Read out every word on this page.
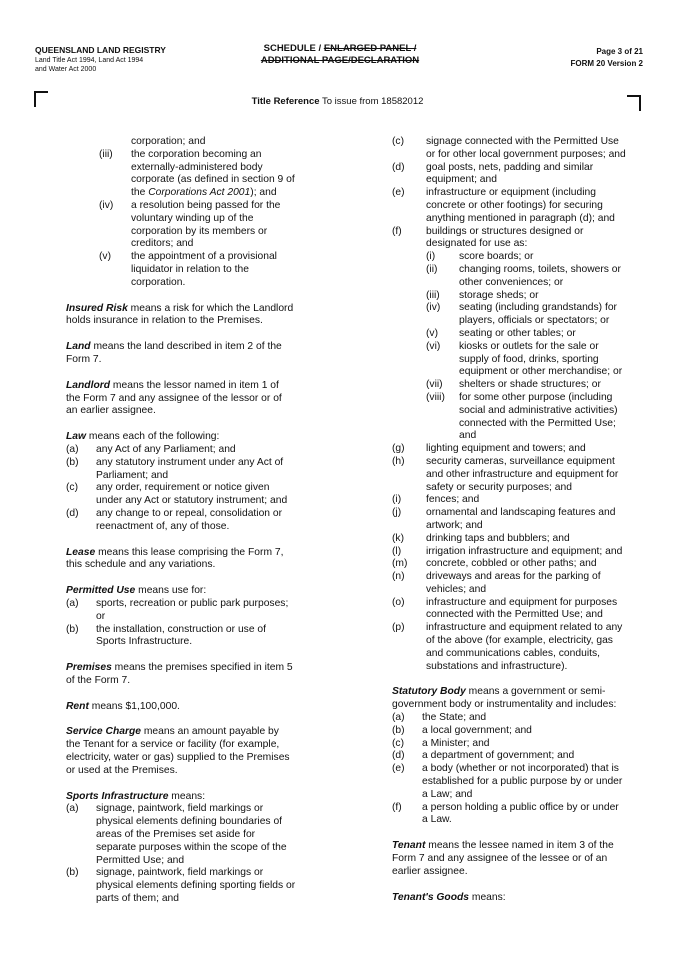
QUEENSLAND LAND REGISTRY
Land Title Act 1994, Land Act 1994
and Water Act 2000
SCHEDULE / ENLARGED PANEL /
ADDITIONAL PAGE/DECLARATION
Page 3 of 21
FORM 20 Version 2
Title Reference To issue from 18582012
corporation; and
(iii)	the corporation becoming an
externally-administered body
corporate (as defined in section 9 of
the Corporations Act 2001); and
(iv)	a resolution being passed for the
voluntary winding up of the
corporation by its members or
creditors; and
(v)	the appointment of a provisional
liquidator in relation to the
corporation.
Insured Risk means a risk for which the Landlord
holds insurance in relation to the Premises.
Land means the land described in item 2 of the
Form 7.
Landlord means the lessor named in item 1 of
the Form 7 and any assignee of the lessor or of
an earlier assignee.
Law means each of the following:
(a)	any Act of any Parliament; and
(b)	any statutory instrument under any Act of
Parliament; and
(c)	any order, requirement or notice given
under any Act or statutory instrument; and
(d)	any change to or repeal, consolidation or
reenactment of, any of those.
Lease means this lease comprising the Form 7,
this schedule and any variations.
Permitted Use means use for:
(a)	sports, recreation or public park purposes;
or
(b)	the installation, construction or use of
Sports Infrastructure.
Premises means the premises specified in item 5
of the Form 7.
Rent means $1,100,000.
Service Charge means an amount payable by
the Tenant for a service or facility (for example,
electricity, water or gas) supplied to the Premises
or used at the Premises.
Sports Infrastructure means:
(a)	signage, paintwork, field markings or
physical elements defining boundaries of
areas of the Premises set aside for
separate purposes within the scope of the
Permitted Use; and
(b)	signage, paintwork, field markings or
physical elements defining sporting fields or
parts of them; and
(c)	signage connected with the Permitted Use
or for other local government purposes; and
(d)	goal posts, nets, padding and similar
equipment; and
(e)	infrastructure or equipment (including
concrete or other footings) for securing
anything mentioned in paragraph (d); and
(f)	buildings or structures designed or
designated for use as:
(i)	score boards; or
(ii)	changing rooms, toilets, showers or
other conveniences; or
(iii)	storage sheds; or
(iv)	seating (including grandstands) for
players, officials or spectators; or
(v)	seating or other tables; or
(vi)	kiosks or outlets for the sale or
supply of food, drinks, sporting
equipment or other merchandise; or
(vii)	shelters or shade structures; or
(viii)	for some other purpose (including
social and administrative activities)
connected with the Permitted Use;
and
(g)	lighting equipment and towers; and
(h)	security cameras, surveillance equipment
and other infrastructure and equipment for
safety or security purposes; and
(i)	fences; and
(j)	ornamental and landscaping features and
artwork; and
(k)	drinking taps and bubblers; and
(l)	irrigation infrastructure and equipment; and
(m)	concrete, cobbled or other paths; and
(n)	driveways and areas for the parking of
vehicles; and
(o)	infrastructure and equipment for purposes
connected with the Permitted Use; and
(p)	infrastructure and equipment related to any
of the above (for example, electricity, gas
and communications cables, conduits,
substations and infrastructure).
Statutory Body means a government or semi-
government body or instrumentality and includes:
(a)	the State; and
(b)	a local government; and
(c)	a Minister; and
(d)	a department of government; and
(e)	a body (whether or not incorporated) that is
established for a public purpose by or under
a Law; and
(f)	a person holding a public office by or under
a Law.
Tenant means the lessee named in item 3 of the
Form 7 and any assignee of the lessee or of an
earlier assignee.
Tenant's Goods means:
